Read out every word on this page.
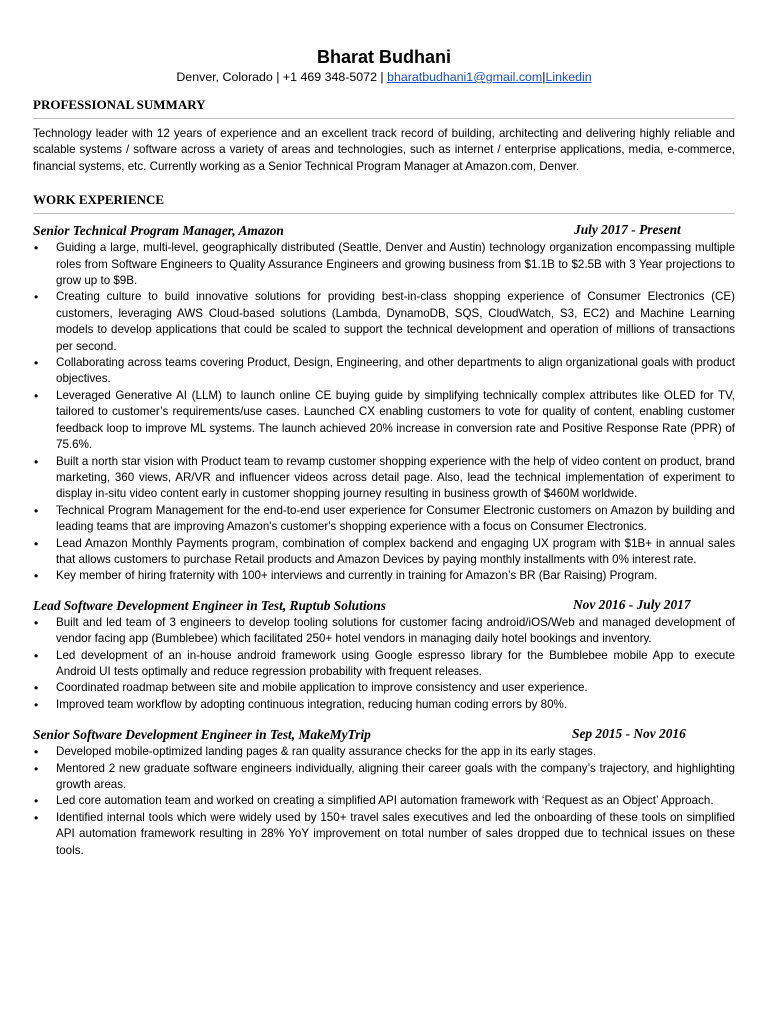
Bharat Budhani
Denver, Colorado | +1 469 348-5072 | bharatbudhani1@gmail.com|Linkedin
PROFESSIONAL SUMMARY
Technology leader with 12 years of experience and an excellent track record of building, architecting and delivering highly reliable and scalable systems / software across a variety of areas and technologies, such as internet / enterprise applications, media, e-commerce, financial systems, etc. Currently working as a Senior Technical Program Manager at Amazon.com, Denver.
WORK EXPERIENCE
Senior Technical Program Manager, Amazon	July 2017 - Present
• Guiding a large, multi-level, geographically distributed (Seattle, Denver and Austin) technology organization encompassing multiple roles from Software Engineers to Quality Assurance Engineers and growing business from $1.1B to $2.5B with 3 Year projections to grow up to $9B.
• Creating culture to build innovative solutions for providing best-in-class shopping experience of Consumer Electronics (CE) customers, leveraging AWS Cloud-based solutions (Lambda, DynamoDB, SQS, CloudWatch, S3, EC2) and Machine Learning models to develop applications that could be scaled to support the technical development and operation of millions of transactions per second.
• Collaborating across teams covering Product, Design, Engineering, and other departments to align organizational goals with product objectives.
• Leveraged Generative AI (LLM) to launch online CE buying guide by simplifying technically complex attributes like OLED for TV, tailored to customer’s requirements/use cases. Launched CX enabling customers to vote for quality of content, enabling customer feedback loop to improve ML systems. The launch achieved 20% increase in conversion rate and Positive Response Rate (PPR) of 75.6%.
• Built a north star vision with Product team to revamp customer shopping experience with the help of video content on product, brand marketing, 360 views, AR/VR and influencer videos across detail page. Also, lead the technical implementation of experiment to display in-situ video content early in customer shopping journey resulting in business growth of $460M worldwide.
• Technical Program Management for the end-to-end user experience for Consumer Electronic customers on Amazon by building and leading teams that are improving Amazon's customer's shopping experience with a focus on Consumer Electronics.
• Lead Amazon Monthly Payments program, combination of complex backend and engaging UX program with $1B+ in annual sales that allows customers to purchase Retail products and Amazon Devices by paying monthly installments with 0% interest rate.
• Key member of hiring fraternity with 100+ interviews and currently in training for Amazon’s BR (Bar Raising) Program.
Lead Software Development Engineer in Test, Ruptub Solutions	Nov 2016 - July 2017
• Built and led team of 3 engineers to develop tooling solutions for customer facing android/iOS/Web and managed development of vendor facing app (Bumblebee) which facilitated 250+ hotel vendors in managing daily hotel bookings and inventory.
• Led development of an in-house android framework using Google espresso library for the Bumblebee mobile App to execute Android UI tests optimally and reduce regression probability with frequent releases.
• Coordinated roadmap between site and mobile application to improve consistency and user experience.
• Improved team workflow by adopting continuous integration, reducing human coding errors by 80%.
Senior Software Development Engineer in Test, MakeMyTrip	Sep 2015 - Nov 2016
• Developed mobile-optimized landing pages & ran quality assurance checks for the app in its early stages.
• Mentored 2 new graduate software engineers individually, aligning their career goals with the company’s trajectory, and highlighting growth areas.
• Led core automation team and worked on creating a simplified API automation framework with ‘Request as an Object’ Approach.
• Identified internal tools which were widely used by 150+ travel sales executives and led the onboarding of these tools on simplified API automation framework resulting in 28% YoY improvement on total number of sales dropped due to technical issues on these tools.
